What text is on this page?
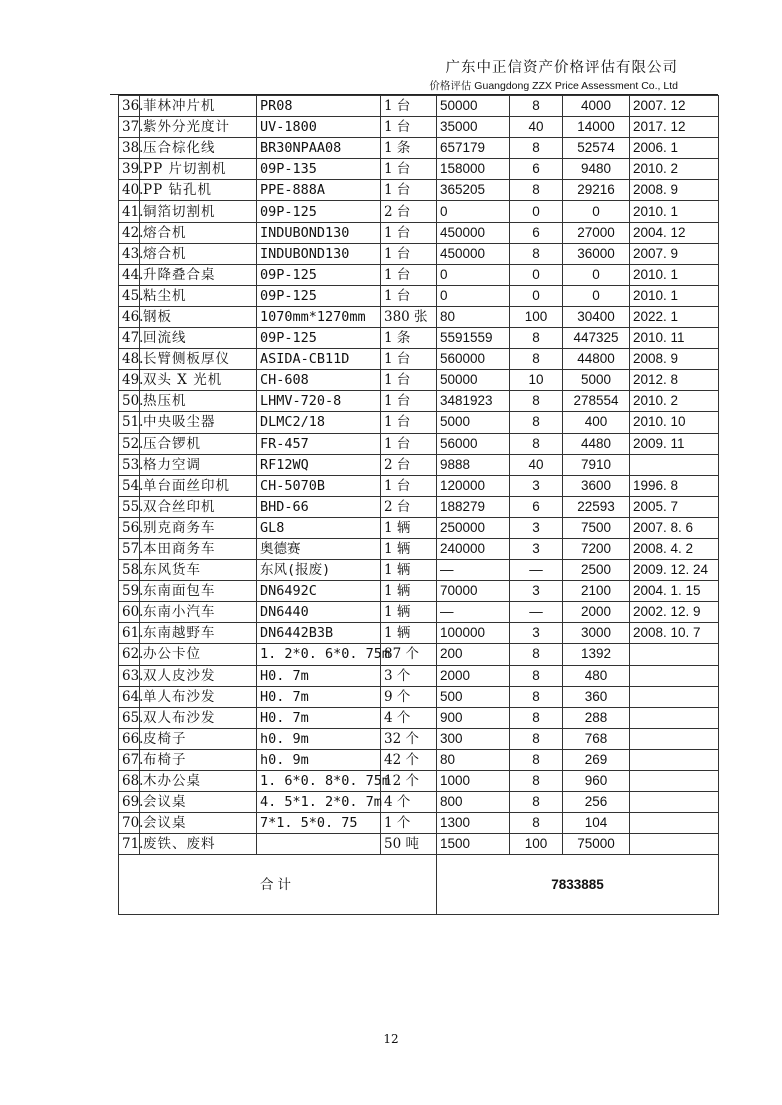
广东中正信资产价格评估有限公司
价格评估 Guangdong ZZX Price Assessment Co., Ltd
36.	菲林冲片机	PR08	1 台	50000	8	4000	2007. 12
37.	紫外分光度计	UV-1800	1 台	35000	40	14000	2017. 12
38.	压合棕化线	BR30NPAA08	1 条	657179	8	52574	2006. 1
39.	PP 片切割机	09P-135	1 台	158000	6	9480	2010. 2
40.	PP 钻孔机	PPE-888A	1 台	365205	8	29216	2008. 9
41.	铜箔切割机	09P-125	2 台	0	0	0	2010. 1
42.	熔合机	INDUBOND130	1 台	450000	6	27000	2004. 12
43.	熔合机	INDUBOND130	1 台	450000	8	36000	2007. 9
44.	升降叠合桌	09P-125	1 台	0	0	0	2010. 1
45.	粘尘机	09P-125	1 台	0	0	0	2010. 1
46.	钢板	1070mm*1270mm	380 张	80	100	30400	2022. 1
47.	回流线	09P-125	1 条	5591559	8	447325	2010. 11
48.	长臂侧板厚仪	ASIDA-CB11D	1 台	560000	8	44800	2008. 9
49.	双头 X 光机	CH-608	1 台	50000	10	5000	2012. 8
50.	热压机	LHMV-720-8	1 台	3481923	8	278554	2010. 2
51.	中央吸尘器	DLMC2/18	1 台	5000	8	400	2010. 10
52.	压合锣机	FR-457	1 台	56000	8	4480	2009. 11
53.	格力空调	RF12WQ	2 台	9888	40	7910	
54.	单台面丝印机	CH-5070B	1 台	120000	3	3600	1996. 8
55.	双合丝印机	BHD-66	2 台	188279	6	22593	2005. 7
56.	别克商务车	GL8	1 辆	250000	3	7500	2007. 8. 6
57.	本田商务车	奥德赛	1 辆	240000	3	7200	2008. 4. 2
58.	东风货车	东风(报废)	1 辆	—	—	2500	2009. 12. 24
59.	东南面包车	DN6492C	1 辆	70000	3	2100	2004. 1. 15
60.	东南小汽车	DN6440	1 辆	—	—	2000	2002. 12. 9
61.	东南越野车	DN6442B3B	1 辆	100000	3	3000	2008. 10. 7
62.	办公卡位	1. 2*0. 6*0. 75m	87 个	200	8	1392	
63.	双人皮沙发	H0. 7m	3 个	2000	8	480	
64.	单人布沙发	H0. 7m	9 个	500	8	360	
65.	双人布沙发	H0. 7m	4 个	900	8	288	
66.	皮椅子	h0. 9m	32 个	300	8	768	
67.	布椅子	h0. 9m	42 个	80	8	269	
68.	木办公桌	1. 6*0. 8*0. 75m	12 个	1000	8	960	
69.	会议桌	4. 5*1. 2*0. 7m	4 个	800	8	256	
70.	会议桌	7*1. 5*0. 75	1 个	1300	8	104	
71.	废铁、废料		50 吨	1500	100	75000	
合计				7833885			
12
